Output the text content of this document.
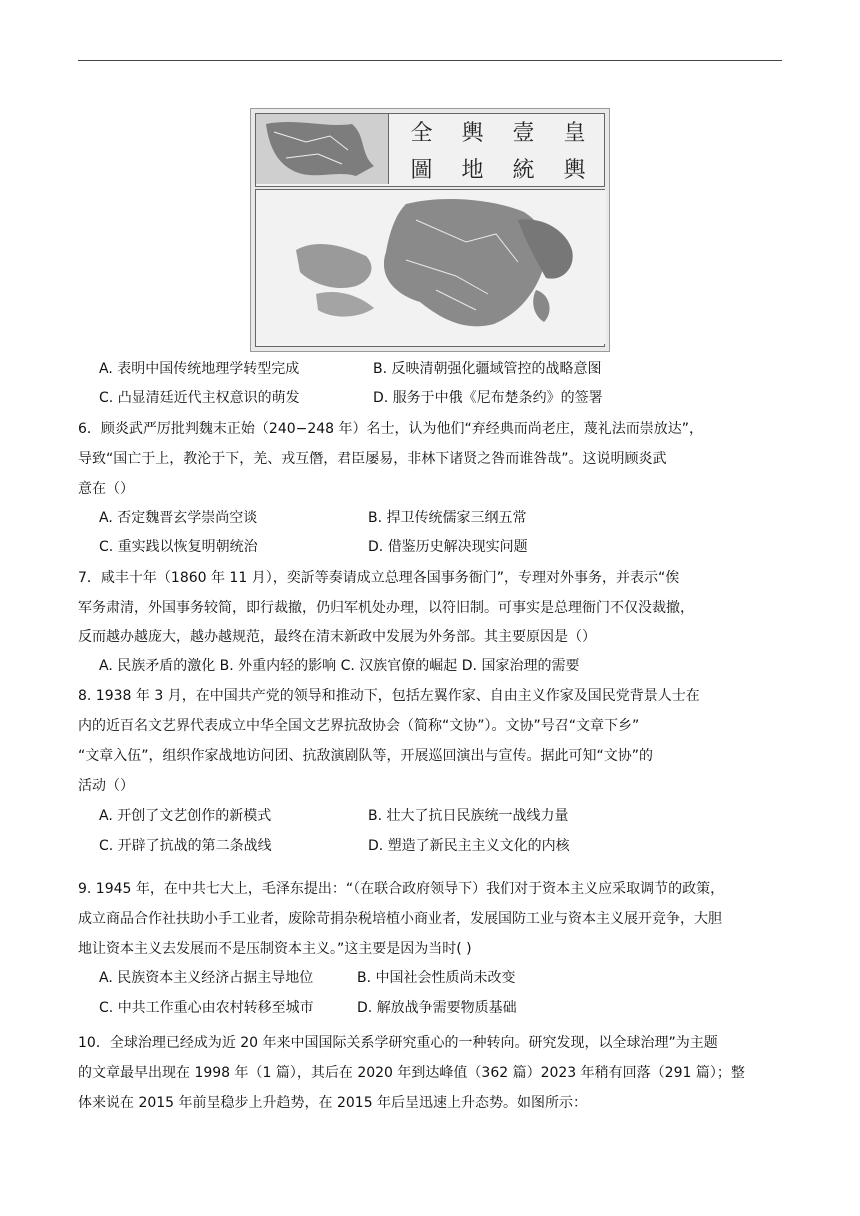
全
圖
輿
地
壹
統
皇
輿
A. 表明中国传统地理学转型完成	B. 反映清朝强化疆域管控的战略意图
C. 凸显清廷近代主权意识的萌发	D. 服务于中俄《尼布楚条约》的签署
6．顾炎武严厉批判魏末正始（240−248 年）名士，认为他们“弃经典而尚老庄，蔑礼法而崇放达”，
导致“国亡于上，教沦于下，羌、戎互僭，君臣屡易，非林下诸贤之咎而谁咎哉”。这说明顾炎武
意在（）
A. 否定魏晋玄学崇尚空谈	B. 捍卫传统儒家三纲五常
C. 重实践以恢复明朝统治	D. 借鉴历史解决现实问题
7．咸丰十年（1860 年 11 月），奕訢等奏请成立总理各国事务衙门”，专理对外事务，并表示“俟
军务肃清，外国事务较简，即行裁撤，仍归军机处办理，以符旧制。可事实是总理衙门不仅没裁撤，
反而越办越庞大，越办越规范，最终在清末新政中发展为外务部。其主要原因是（）
A. 民族矛盾的激化 B. 外重内轻的影响 C. 汉族官僚的崛起 D. 国家治理的需要
8. 1938 年 3 月，在中国共产党的领导和推动下，包括左翼作家、自由主义作家及国民党背景人士在
内的近百名文艺界代表成立中华全国文艺界抗敌协会（简称“文协”）。文协”号召“文章下乡”
“文章入伍”，组织作家战地访问团、抗敌演剧队等，开展巡回演出与宣传。据此可知“文协”的
活动（）
A. 开创了文艺创作的新模式	B. 壮大了抗日民族统一战线力量
C. 开辟了抗战的第二条战线	D. 塑造了新民主主义文化的内核
9. 1945 年，在中共七大上，毛泽东提出：“（在联合政府领导下）我们对于资本主义应采取调节的政策，
成立商品合作社扶助小手工业者，废除苛捐杂税培植小商业者，发展国防工业与资本主义展开竞争，大胆
地让资本主义去发展而不是压制资本主义。”这主要是因为当时( )
A. 民族资本主义经济占据主导地位	B. 中国社会性质尚未改变
C. 中共工作重心由农村转移至城市	D. 解放战争需要物质基础
10．全球治理已经成为近 20 年来中国国际关系学研究重心的一种转向。研究发现，以全球治理”为主题
的文章最早出现在 1998 年（1 篇），其后在 2020 年到达峰值（362 篇）2023 年稍有回落（291 篇）；整
体来说在 2015 年前呈稳步上升趋势，在 2015 年后呈迅速上升态势。如图所示：
